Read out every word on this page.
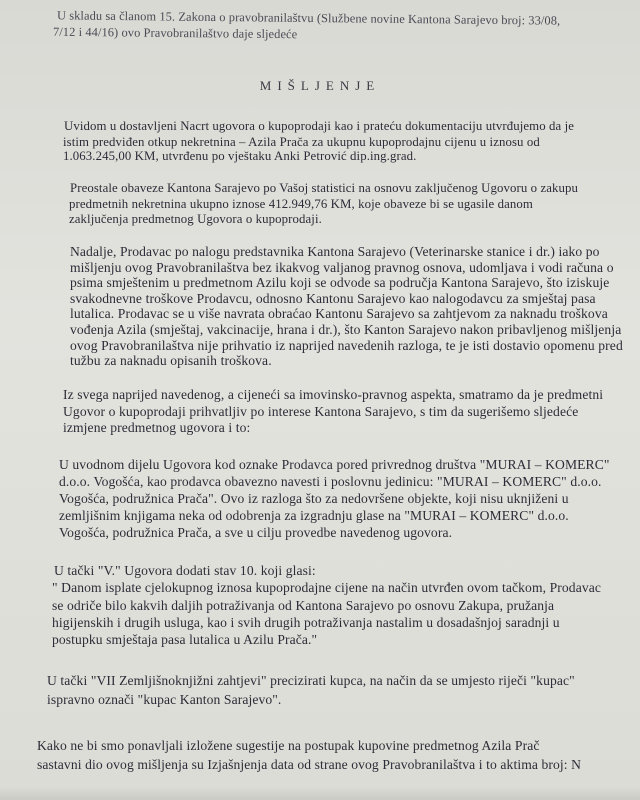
U skladu sa članom 15. Zakona o pravobranilaštvu (Službene novine Kantona Sarajevo broj: 33/08,
7/12 i 44/16) ovo Pravobranilaštvo daje sljedeće
MIŠLJENJE
Uvidom u dostavljeni Nacrt ugovora o kupoprodaji kao i prateću dokumentaciju utvrđujemo da je
istim predviđen otkup nekretnina – Azila Prača za ukupnu kupoprodajnu cijenu u iznosu od
1.063.245,00 KM, utvrđenu po vještaku Anki Petrović dip.ing.grad.
Preostale obaveze Kantona Sarajevo po Vašoj statistici na osnovu zaključenog Ugovoru o zakupu
predmetnih nekretnina ukupno iznose 412.949,76 KM, koje obaveze bi se ugasile danom
zaključenja predmetnog Ugovora o kupoprodaji.
Nadalje, Prodavac po nalogu predstavnika Kantona Sarajevo (Veterinarske stanice i dr.) iako po
mišljenju ovog Pravobranilaštva bez ikakvog valjanog pravnog osnova, udomljava i vodi računa o
psima smještenim u predmetnom Azilu koji se odvode sa područja Kantona Sarajevo, što iziskuje
svakodnevne troškove Prodavcu, odnosno Kantonu Sarajevo kao nalogodavcu za smještaj pasa
lutalica. Prodavac se u više navrata obraćao Kantonu Sarajevo sa zahtjevom za naknadu troškova
vođenja Azila (smještaj, vakcinacije, hrana i dr.), što Kanton Sarajevo nakon pribavljenog mišljenja
ovog Pravobranilaštva nije prihvatio iz naprijed navedenih razloga, te je isti dostavio opomenu pred
tužbu za naknadu opisanih troškova.
Iz svega naprijed navedenog, a cijeneći sa imovinsko-pravnog aspekta, smatramo da je predmetni
Ugovor o kupoprodaji prihvatljiv po interese Kantona Sarajevo, s tim da sugerišemo sljedeće
izmjene predmetnog ugovora i to:
U uvodnom dijelu Ugovora kod oznake Prodavca pored privrednog društva "MURAI – KOMERC"
d.o.o. Vogošća, kao prodavca obavezno navesti i poslovnu jedinicu: "MURAI – KOMERC" d.o.o.
Vogošća, podružnica Prača". Ovo iz razloga što za nedovršene objekte, koji nisu uknjiženi u
zemljišnim knjigama neka od odobrenja za izgradnju glase na "MURAI – KOMERC" d.o.o.
Vogošća, podružnica Prača, a sve u cilju provedbe navedenog ugovora.
U tački "V." Ugovora dodati stav 10. koji glasi:
" Danom isplate cjelokupnog iznosa kupoprodajne cijene na način utvrđen ovom tačkom, Prodavac
se odriče bilo kakvih daljih potraživanja od Kantona Sarajevo po osnovu Zakupa, pružanja
higijenskih i drugih usluga, kao i svih drugih potraživanja nastalim u dosadašnjoj saradnji u
postupku smještaja pasa lutalica u Azilu Prača."
U tački "VII Zemljišnoknjižni zahtjevi" precizirati kupca, na način da se umjesto riječi "kupac"
ispravno označi "kupac Kanton Sarajevo".
Kako ne bi smo ponavljali izložene sugestije na postupak kupovine predmetnog Azila Prač
sastavni dio ovog mišljenja su Izjašnjenja data od strane ovog Pravobranilaštva i to aktima broj: N
